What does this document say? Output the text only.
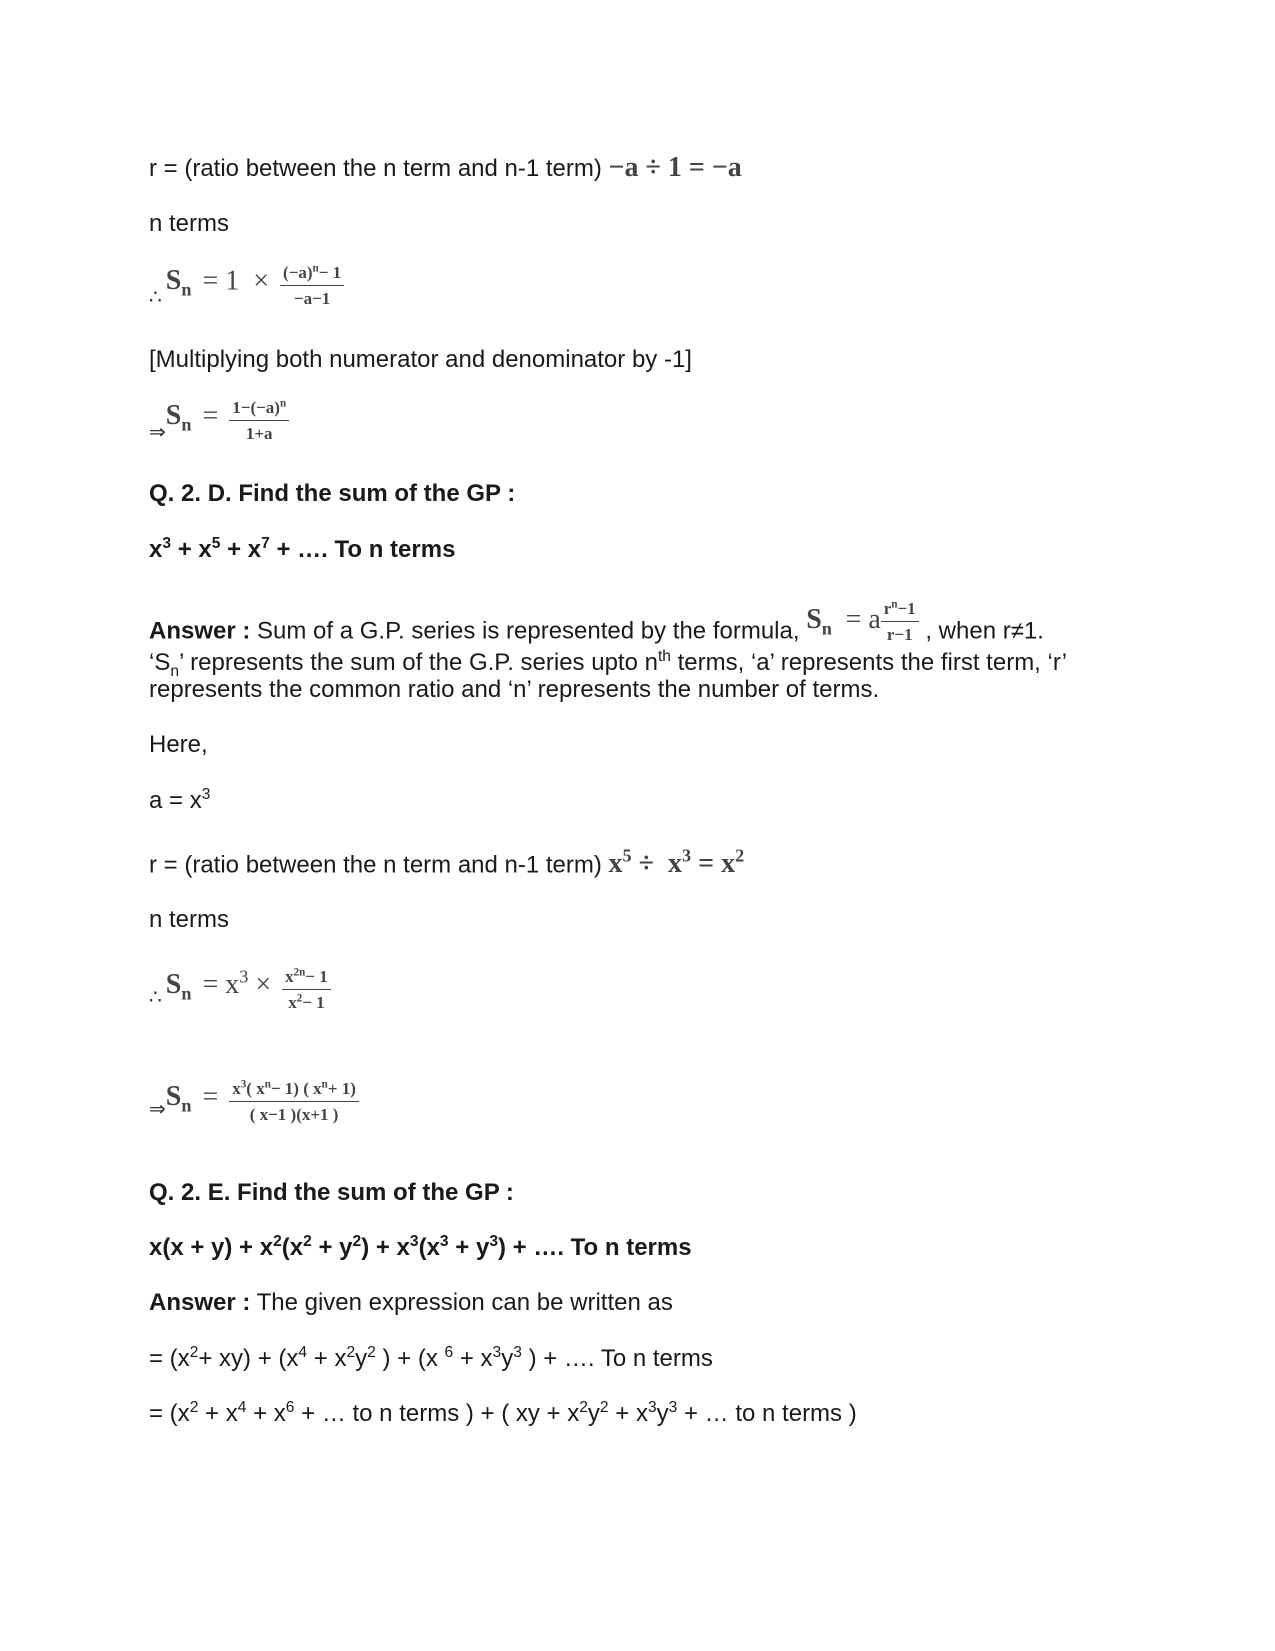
r = (ratio between the n term and n-1 term) −a ÷ 1 = −a
n terms
∴ $S_n = 1 \times \frac{(-a)^n- 1}{-a-1}$
[Multiplying both numerator and denominator by -1]
$\Rightarrow S_n = \frac{1-(-a)^n}{1+a}$
Q. 2. D. Find the sum of the GP :
$x^3 + x^5 + x^7$ + …. To n terms
Answer : Sum of a G.P. series is represented by the formula, $S_n = a \frac{r^n-1}{r-1}$ , when r≠1.
‘$S_n$’ represents the sum of the G.P. series upto $n^{th}$ terms, ‘a’ represents the first term, ‘r’
represents the common ratio and ‘n’ represents the number of terms.
Here,
$a = x^3$
r = (ratio between the n term and n-1 term) $x^5 \div x^3 = x^2$
n terms
∴ $S_n = x^3 \times \frac{x^{2n}- 1}{x^2- 1}$
$\Rightarrow S_n = \frac{x^3( x^n- 1) ( x^n+ 1)}{( x-1 )(x+1 )}$
Q. 2. E. Find the sum of the GP :
$x(x + y) + x^2(x^2 + y^2) + x^3(x^3 + y^3)$ + …. To n terms
Answer : The given expression can be written as
= $(x^2+ xy) + (x^4 + x^2y^2$ ) + (x $^6 + x^3y^3$ ) + …. To n terms
= ($x^2 + x^4 + x^6$ + … to n terms ) + ( xy + $x^2y^2 + x^3y^3$ + … to n terms )
